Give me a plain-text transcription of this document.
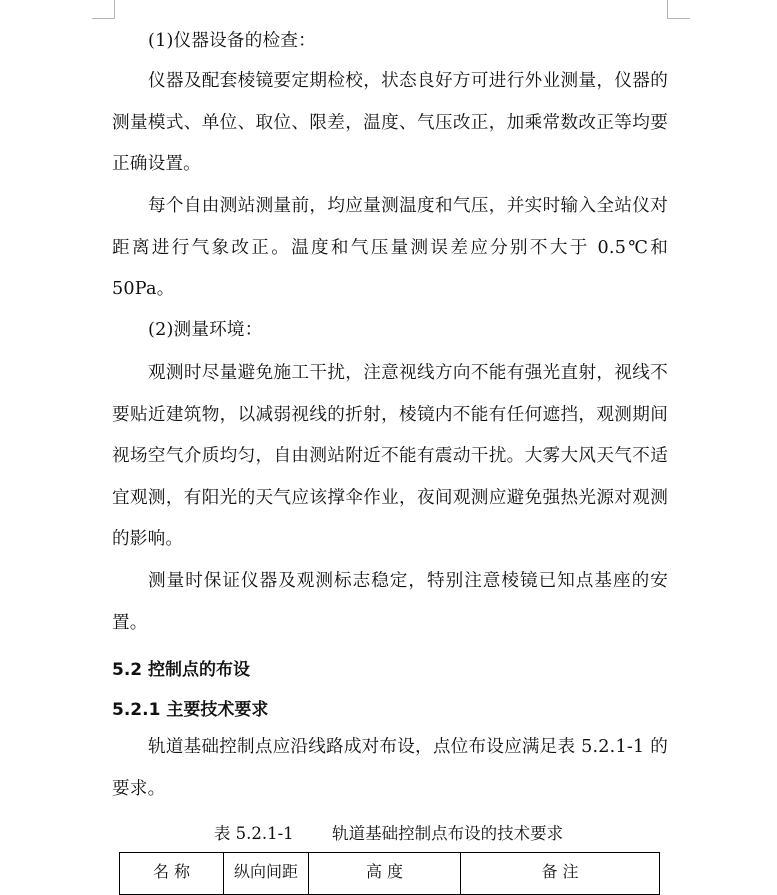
(1)仪器设备的检查：

仪器及配套棱镜要定期检校，状态良好方可进行外业测量，仪器的测量模式、单位、取位、限差，温度、气压改正，加乘常数改正等均要正确设置。

每个自由测站测量前，均应量测温度和气压，并实时输入全站仪对距离进行气象改正。温度和气压量测误差应分别不大于 0.5℃和 50Pa。

(2)测量环境：

观测时尽量避免施工干扰，注意视线方向不能有强光直射，视线不要贴近建筑物，以减弱视线的折射，棱镜内不能有任何遮挡，观测期间视场空气介质均匀，自由测站附近不能有震动干扰。大雾大风天气不适宜观测，有阳光的天气应该撑伞作业，夜间观测应避免强热光源对观测的影响。

测量时保证仪器及观测标志稳定，特别注意棱镜已知点基座的安置。

5.2 控制点的布设

5.2.1 主要技术要求

轨道基础控制点应沿线路成对布设，点位布设应满足表 5.2.1-1 的要求。

表 5.2.1-1 轨道基础控制点布设的技术要求

名 称	纵向间距	高 度	备 注
